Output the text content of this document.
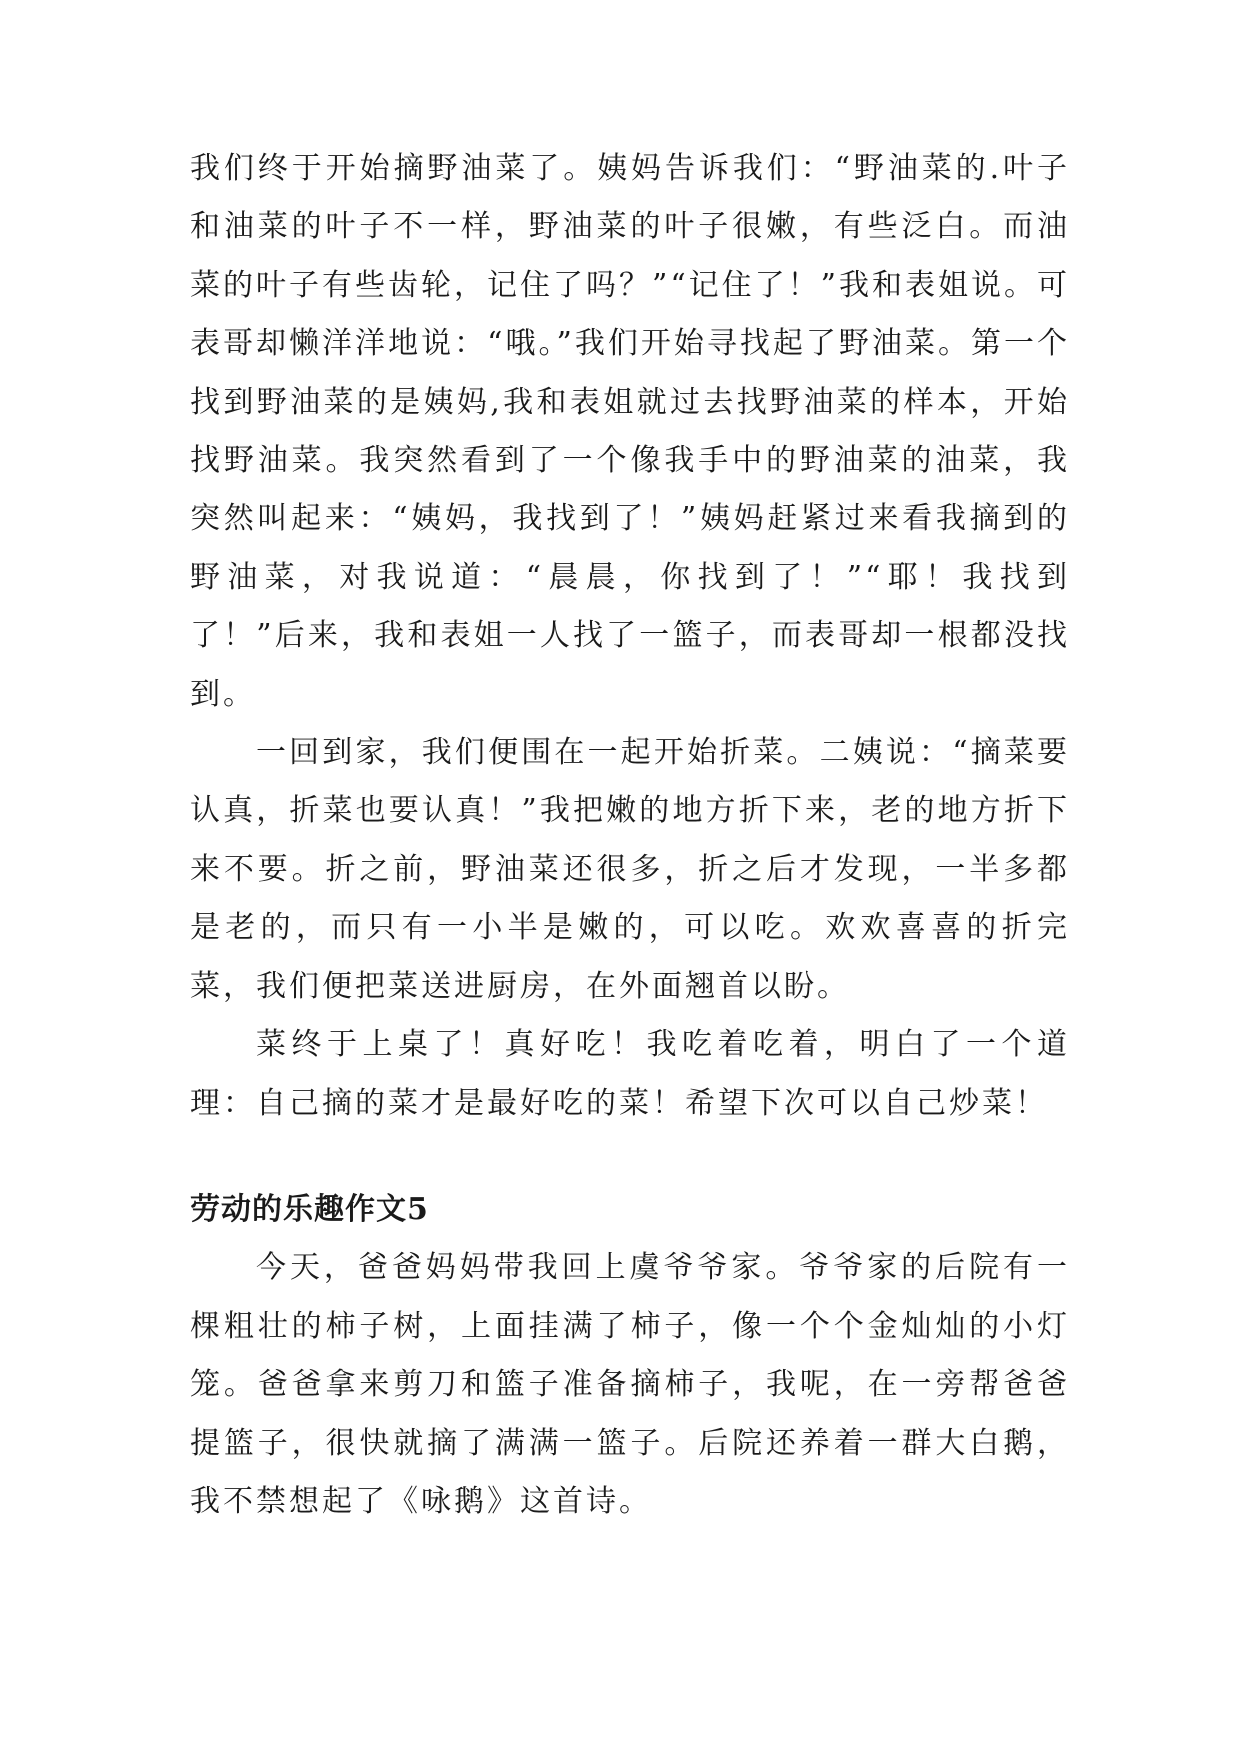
我们终于开始摘野油菜了。姨妈告诉我们：“野油菜的.叶子和油菜的叶子不一样，野油菜的叶子很嫩，有些泛白。而油菜的叶子有些齿轮，记住了吗？”“记住了！”我和表姐说。可表哥却懒洋洋地说：“哦。”我们开始寻找起了野油菜。第一个找到野油菜的是姨妈,我和表姐就过去找野油菜的样本，开始找野油菜。我突然看到了一个像我手中的野油菜的油菜，我突然叫起来：“姨妈，我找到了！”姨妈赶紧过来看我摘到的野油菜，对我说道：“晨晨，你找到了！”“耶！我找到了！”后来，我和表姐一人找了一篮子，而表哥却一根都没找到。

一回到家，我们便围在一起开始折菜。二姨说：“摘菜要认真，折菜也要认真！”我把嫩的地方折下来，老的地方折下来不要。折之前，野油菜还很多，折之后才发现，一半多都是老的，而只有一小半是嫩的，可以吃。欢欢喜喜的折完菜，我们便把菜送进厨房，在外面翘首以盼。

菜终于上桌了！真好吃！我吃着吃着，明白了一个道理：自己摘的菜才是最好吃的菜！希望下次可以自己炒菜！

劳动的乐趣作文5

今天，爸爸妈妈带我回上虞爷爷家。爷爷家的后院有一棵粗壮的柿子树，上面挂满了柿子，像一个个金灿灿的小灯笼。爸爸拿来剪刀和篮子准备摘柿子，我呢，在一旁帮爸爸提篮子，很快就摘了满满一篮子。后院还养着一群大白鹅，我不禁想起了《咏鹅》这首诗。
